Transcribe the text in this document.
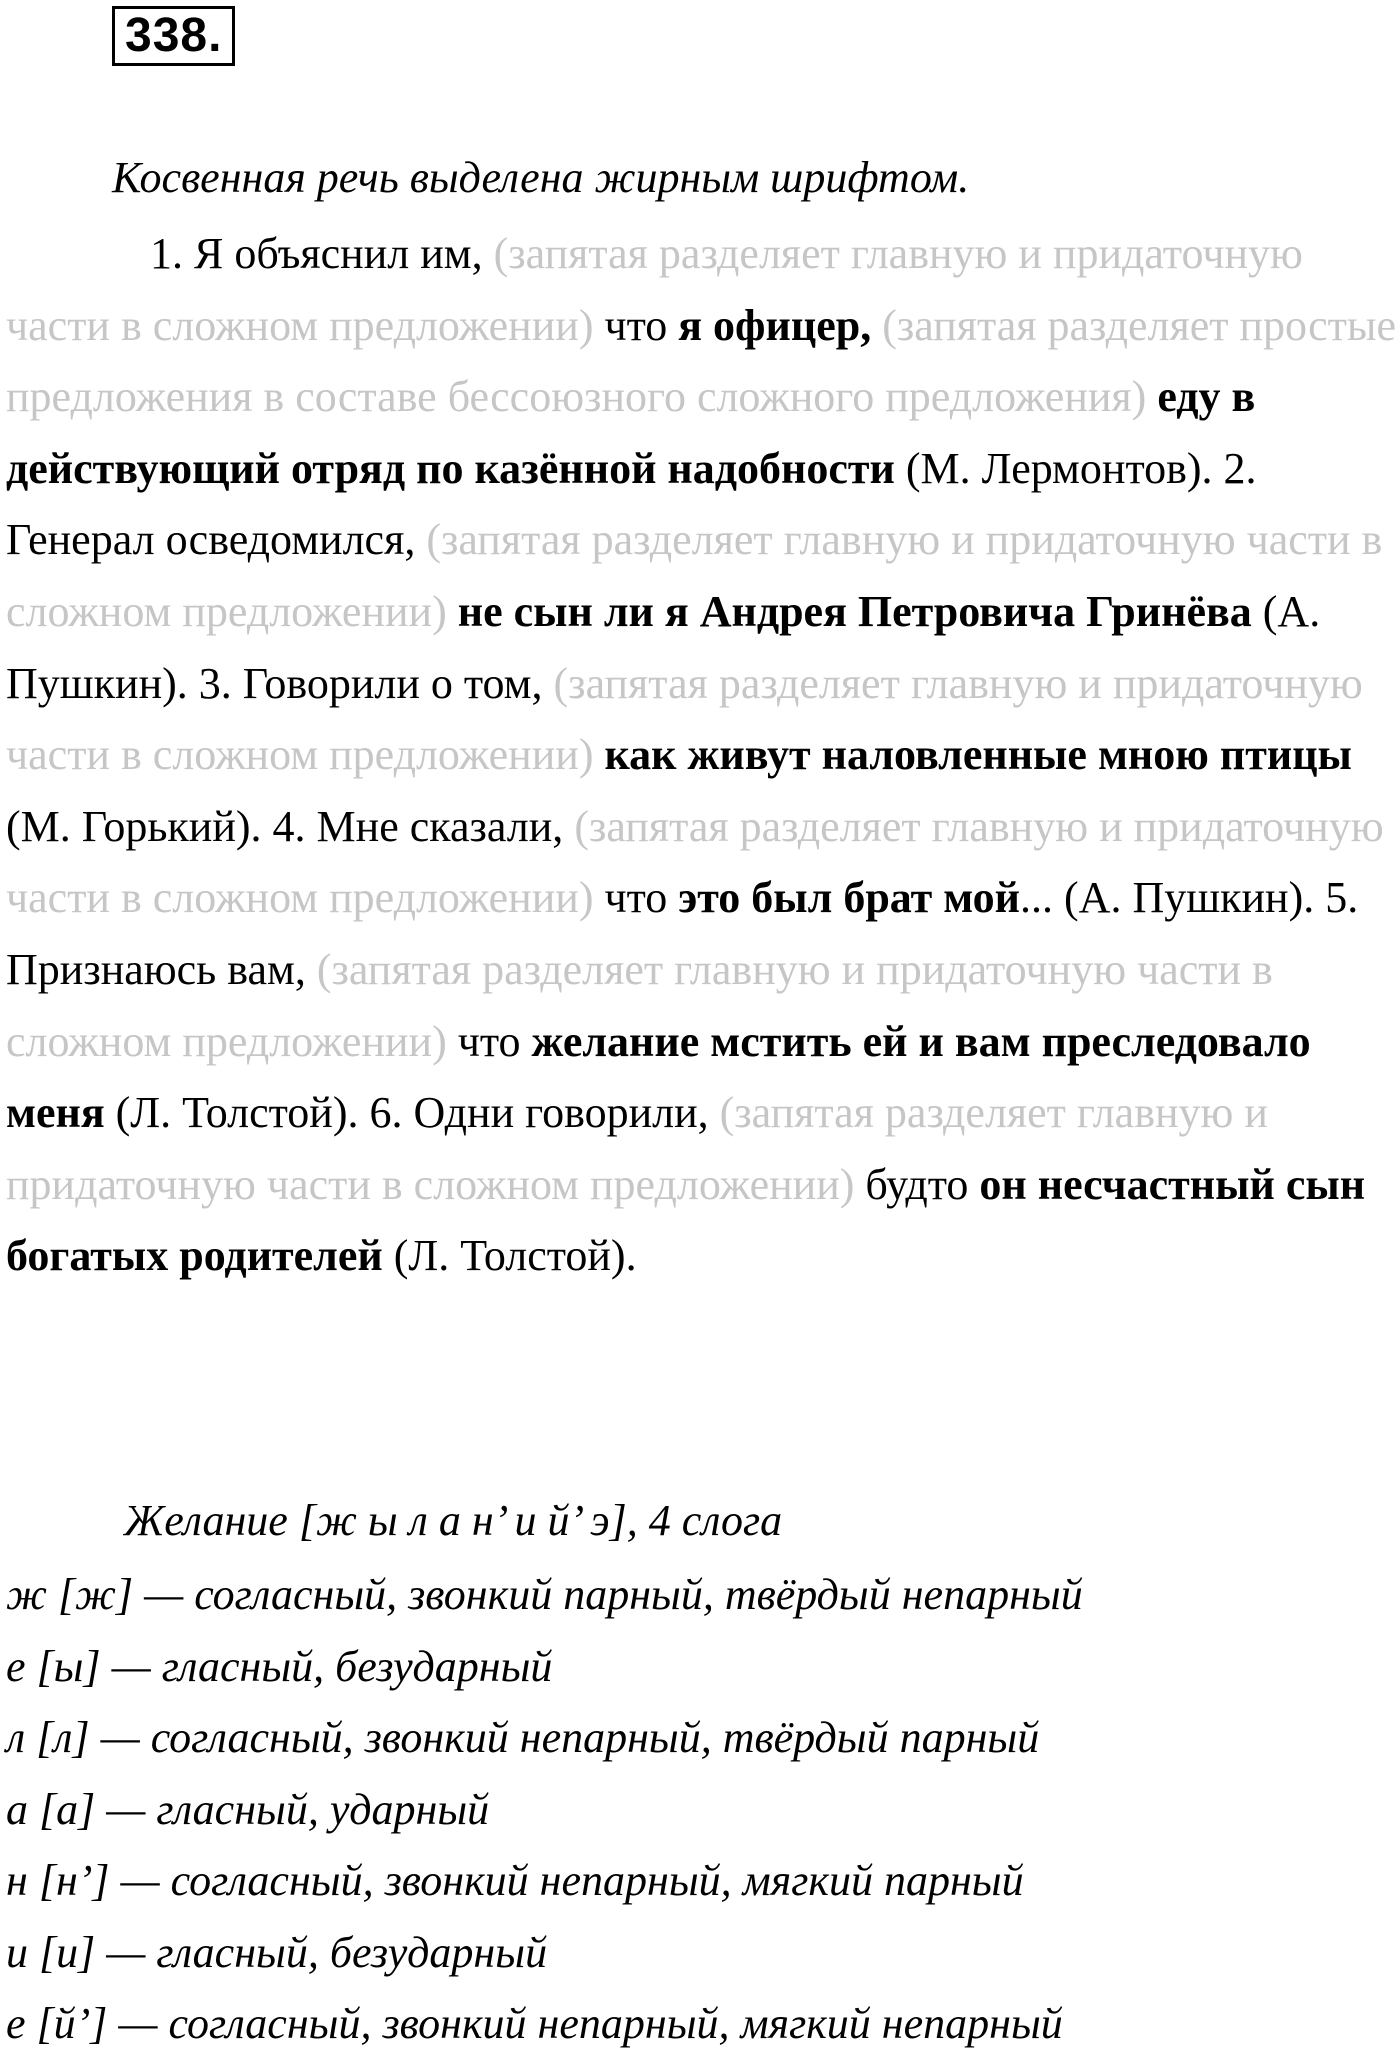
338.
Косвенная речь выделена жирным шрифтом.

1. Я объяснил им, (запятая разделяет главную и придаточную части в сложном предложении) что я офицер, (запятая разделяет простые предложения в составе бессоюзного сложного предложения) еду в действующий отряд по казённой надобности (М. Лермонтов). 2. Генерал осведомился, (запятая разделяет главную и придаточную части в сложном предложении) не сын ли я Андрея Петровича Гринёва (А. Пушкин). 3. Говорили о том, (запятая разделяет главную и придаточную части в сложном предложении) как живут наловленные мною птицы (М. Горький). 4. Мне сказали, (запятая разделяет главную и придаточную части в сложном предложении) что это был брат мой... (А. Пушкин). 5. Признаюсь вам, (запятая разделяет главную и придаточную части в сложном предложении) что желание мстить ей и вам преследовало меня (Л. Толстой). 6. Одни говорили, (запятая разделяет главную и придаточную части в сложном предложении) будто он несчастный сын богатых родителей (Л. Толстой).

Желание [ж ы л а н’ и й’ э], 4 слога
ж [ж] — согласный, звонкий парный, твёрдый непарный
е [ы] — гласный, безударный
л [л] — согласный, звонкий непарный, твёрдый парный
а [а] — гласный, ударный
н [н’] — согласный, звонкий непарный, мягкий парный
и [и] — гласный, безударный
е [й’] — согласный, звонкий непарный, мягкий непарный
